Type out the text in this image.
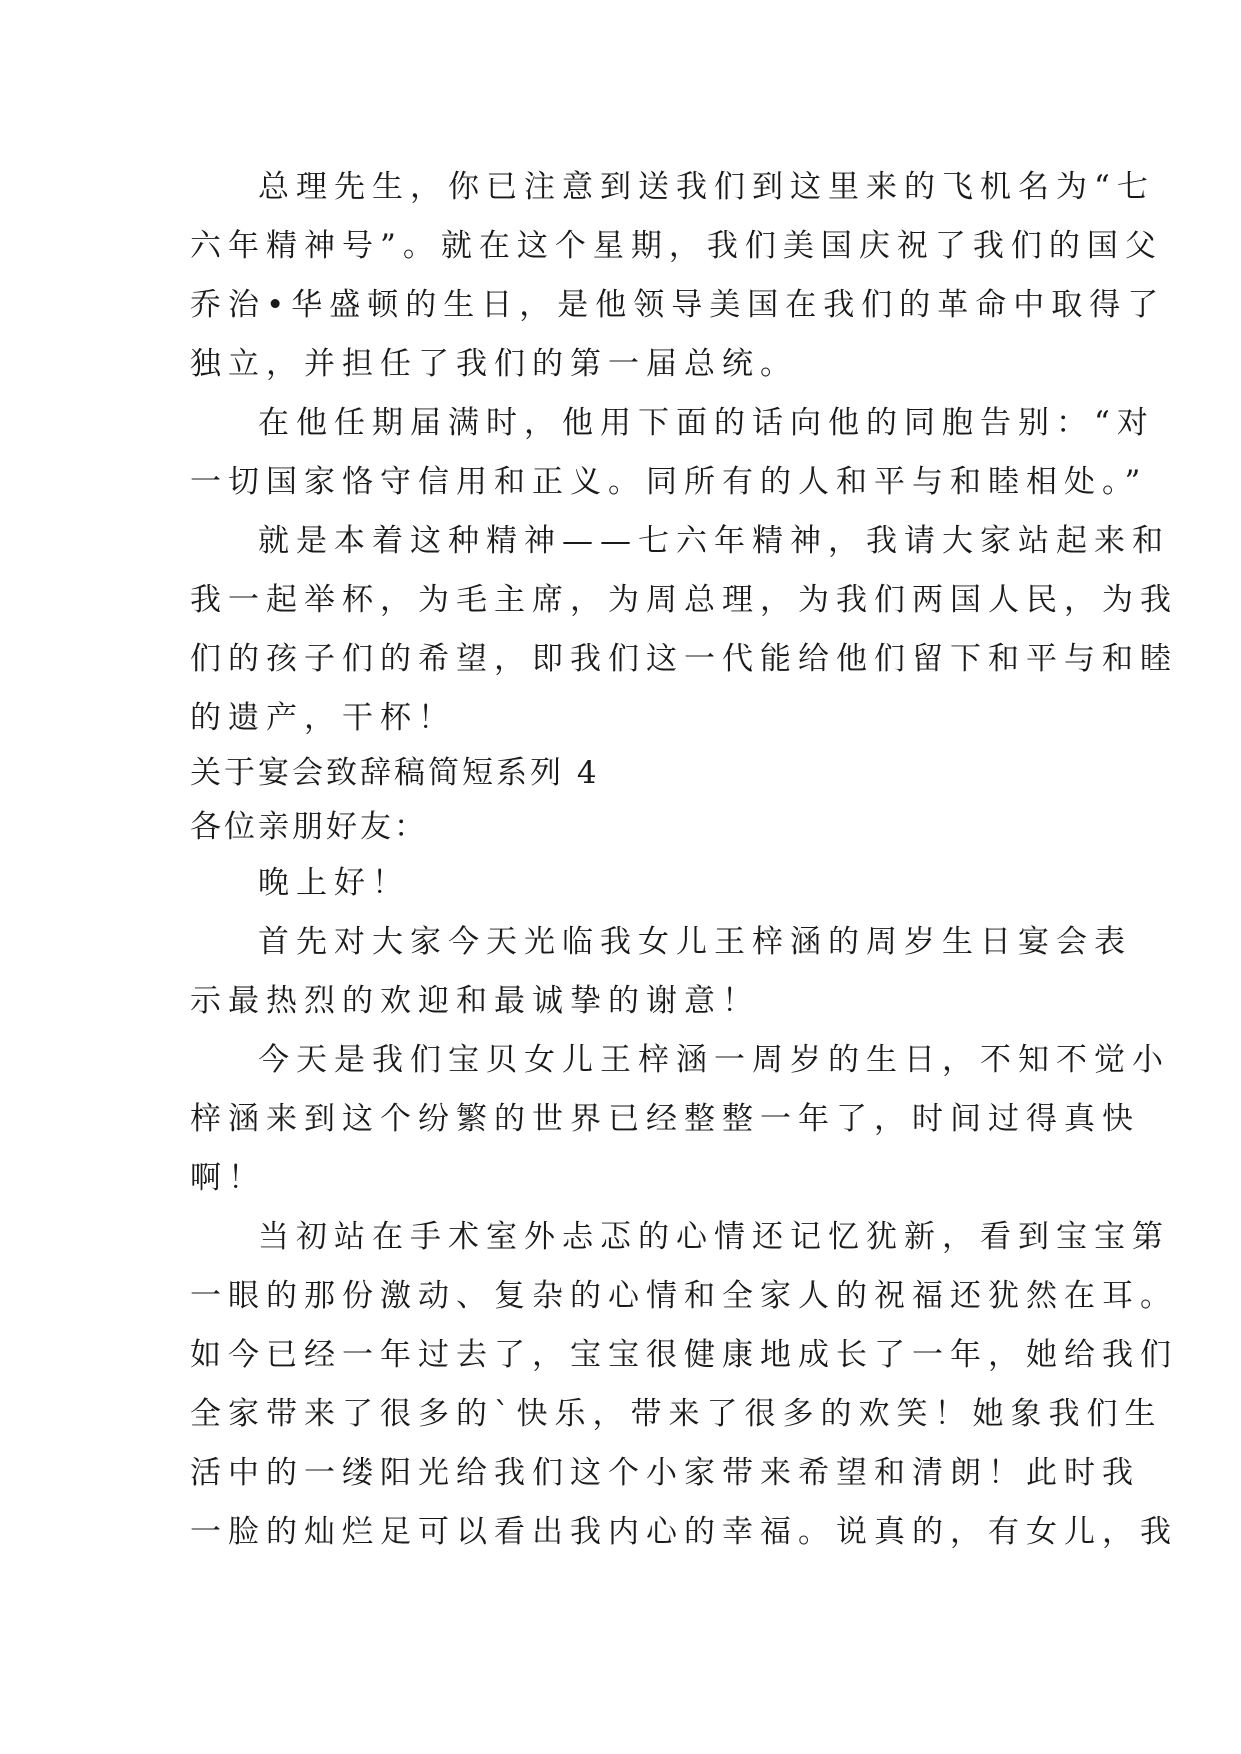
总理先生，你已注意到送我们到这里来的飞机名为“七
六年精神号”。就在这个星期，我们美国庆祝了我们的国父
乔治•华盛顿的生日，是他领导美国在我们的革命中取得了
独立，并担任了我们的第一届总统。
在他任期届满时，他用下面的话向他的同胞告别：“对
一切国家恪守信用和正义。同所有的人和平与和睦相处。”
就是本着这种精神——七六年精神，我请大家站起来和
我一起举杯，为毛主席，为周总理，为我们两国人民，为我
们的孩子们的希望，即我们这一代能给他们留下和平与和睦
的遗产，干杯！
关于宴会致辞稿简短系列 4
各位亲朋好友：
晚上好！
首先对大家今天光临我女儿王梓涵的周岁生日宴会表
示最热烈的欢迎和最诚挚的谢意！
今天是我们宝贝女儿王梓涵一周岁的生日，不知不觉小
梓涵来到这个纷繁的世界已经整整一年了，时间过得真快
啊！
当初站在手术室外忐忑的心情还记忆犹新，看到宝宝第
一眼的那份激动、复杂的心情和全家人的祝福还犹然在耳。
如今已经一年过去了，宝宝很健康地成长了一年，她给我们
全家带来了很多的`快乐，带来了很多的欢笑！她象我们生
活中的一缕阳光给我们这个小家带来希望和清朗！此时我
一脸的灿烂足可以看出我内心的幸福。说真的，有女儿，我
